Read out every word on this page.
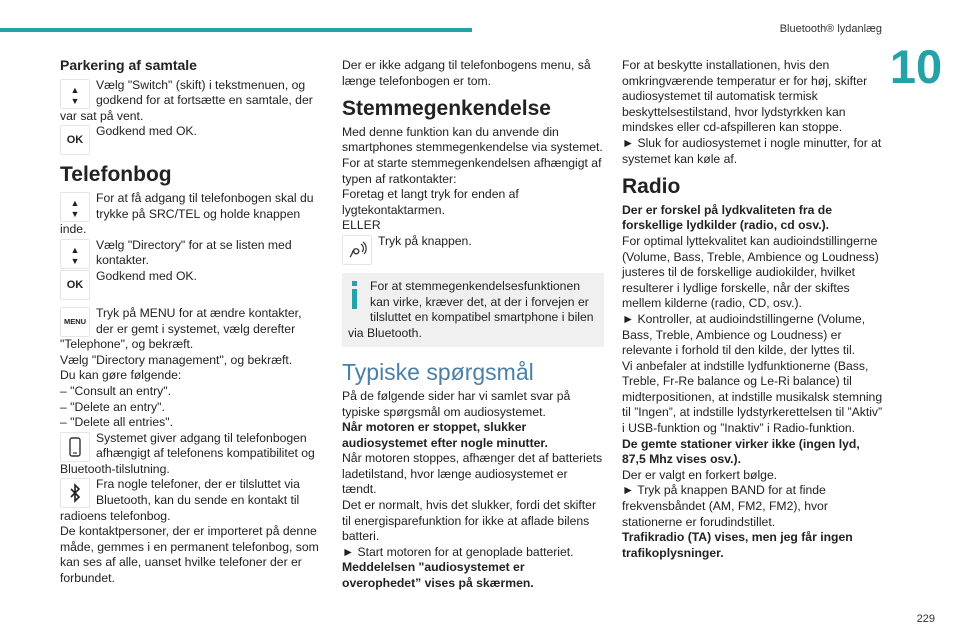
Bluetooth® lydanlæg
10
Parkering af samtale
▲
▼

Vælg "Switch" (skift) i tekstmenuen, og godkend for at fortsætte en samtale, der var sat på vent.

OK

Godkend med OK.

Telefonbog
▲
▼

For at få adgang til telefonbogen skal du trykke på SRC/TEL og holde knappen inde.

▲
▼

Vælg "Directory" for at se listen med kontakter.

OK

Godkend med OK.

MENU

Tryk på MENU for at ændre kontakter, der er gemt i systemet, vælg derefter "Telephone", og bekræft.

Vælg "Directory management", og bekræft.

Du kan gøre følgende:

– "Consult an entry".

– "Delete an entry".

– "Delete all entries".

Systemet giver adgang til telefonbogen afhængigt af telefonens kompatibilitet og Bluetooth-tilslutning.

Fra nogle telefoner, der er tilsluttet via Bluetooth, kan du sende en kontakt til radioens telefonbog.

De kontaktpersoner, der er importeret på denne måde, gemmes i en permanent telefonbog, som kan ses af alle, uanset hvilke telefoner der er forbundet.

Der er ikke adgang til telefonbogens menu, så længe telefonbogen er tom.

Stemmegenkendelse

Med denne funktion kan du anvende din smartphones stemmegenkendelse via systemet.

For at starte stemmegenkendelsen afhængigt af typen af ratkontakter:

Foretag et langt tryk for enden af lygtekontaktarmen.

ELLER

Tryk på knappen.

For at stemmegenkendelsesfunktionen kan virke, kræver det, at der i forvejen er tilsluttet en kompatibel smartphone i bilen via Bluetooth.

Typiske spørgsmål

På de følgende sider har vi samlet svar på typiske spørgsmål om audiosystemet.

Når motoren er stoppet, slukker audiosystemet efter nogle minutter.

Når motoren stoppes, afhænger det af batteriets ladetilstand, hvor længe audiosystemet er tændt.

Det er normalt, hvis det slukker, fordi det skifter til energisparefunktion for ikke at aflade bilens batteri.

► Start motoren for at genoplade batteriet.

Meddelelsen "audiosystemet er overophedet” vises på skærmen.

For at beskytte installationen, hvis den omkringværende temperatur er for høj, skifter audiosystemet til automatisk termisk beskyttelsestilstand, hvor lydstyrkken kan mindskes eller cd-afspilleren kan stoppe.

► Sluk for audiosystemet i nogle minutter, for at systemet kan køle af.

Radio

Der er forskel på lydkvaliteten fra de forskellige lydkilder (radio, cd osv.).

For optimal lyttekvalitet kan audioindstillingerne (Volume, Bass, Treble, Ambience og Loudness) justeres til de forskellige audiokilder, hvilket resulterer i lydlige forskelle, når der skiftes mellem kilderne (radio, CD, osv.).

► Kontroller, at audioindstillingerne (Volume, Bass, Treble, Ambience og Loudness) er relevante i forhold til den kilde, der lyttes til.

Vi anbefaler at indstille lydfunktionerne (Bass, Treble, Fr-Re balance og Le-Ri balance) til midterpositionen, at indstille musikalsk stemning til ”Ingen”, at indstille lydstyrkerettelsen til ”Aktiv” i USB-funktion og ”Inaktiv” i Radio-funktion.

De gemte stationer virker ikke (ingen lyd, 87,5 Mhz vises osv.).

Der er valgt en forkert bølge.

► Tryk på knappen BAND for at finde frekvensbåndet (AM, FM2, FM2), hvor stationerne er forudindstillet.

Trafikradio (TA) vises, men jeg får ingen trafikoplysninger.

229
